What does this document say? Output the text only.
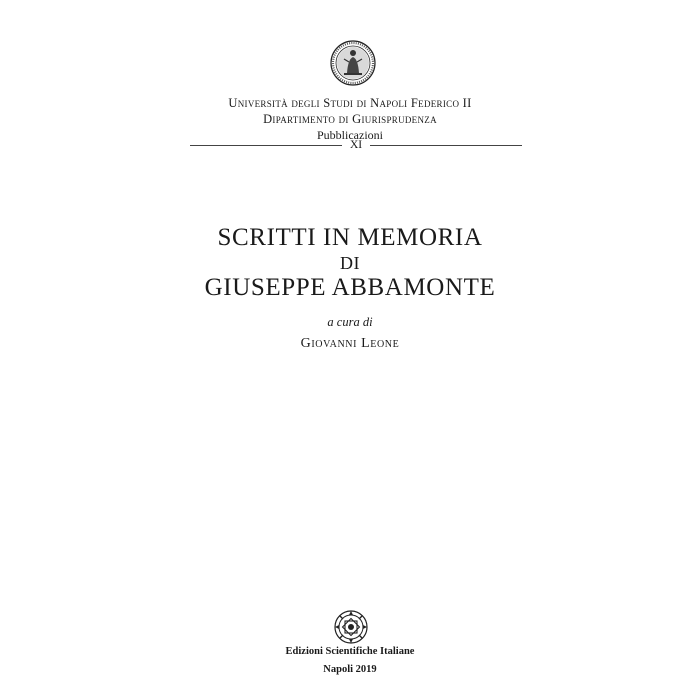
Università degli Studi di Napoli Federico II
Dipartimento di Giurisprudenza
Pubblicazioni
XI
SCRITTI IN MEMORIA
DI
GIUSEPPE ABBAMONTE
a cura di
Giovanni Leone
Edizioni Scientifiche Italiane
Napoli 2019
